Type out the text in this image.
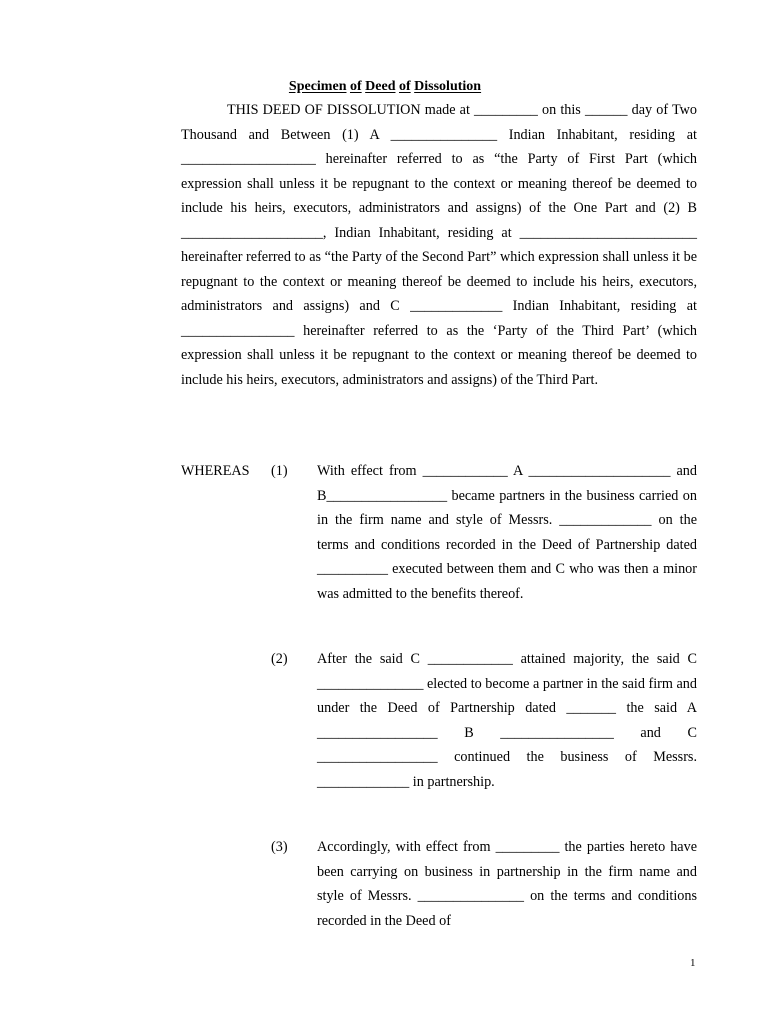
Specimen of Deed of Dissolution
THIS DEED OF DISSOLUTION made at _________ on this ______ day of Two Thousand and Between (1) A _______________ Indian Inhabitant, residing at ___________________ hereinafter referred to as “the Party of First Part (which expression shall unless it be repugnant to the context or meaning thereof be deemed to include his heirs, executors, administrators and assigns) of the One Part and (2) B ____________________, Indian Inhabitant, residing at _________________________ hereinafter referred to as “the Party of the Second Part” which expression shall unless it be repugnant to the context or meaning thereof be deemed to include his heirs, executors, administrators and assigns) and C _____________ Indian Inhabitant, residing at ________________ hereinafter referred to as the ‘Party of the Third Part’ (which expression shall unless it be repugnant to the context or meaning thereof be deemed to include his heirs, executors, administrators and assigns) of the Third Part.
WHEREAS (1) With effect from ____________ A ____________________ and B_________________ became partners in the business carried on in the firm name and style of Messrs. _____________ on the terms and conditions recorded in the Deed of Partnership dated __________ executed between them and C who was then a minor was admitted to the benefits thereof.
(2) After the said C ____________ attained majority, the said C _______________ elected to become a partner in the said firm and under the Deed of Partnership dated _______ the said A _________________ B ________________ and C _________________ continued the business of Messrs. _____________ in partnership.
(3) Accordingly, with effect from _________ the parties hereto have been carrying on business in partnership in the firm name and style of Messrs. _______________ on the terms and conditions recorded in the Deed of
1
